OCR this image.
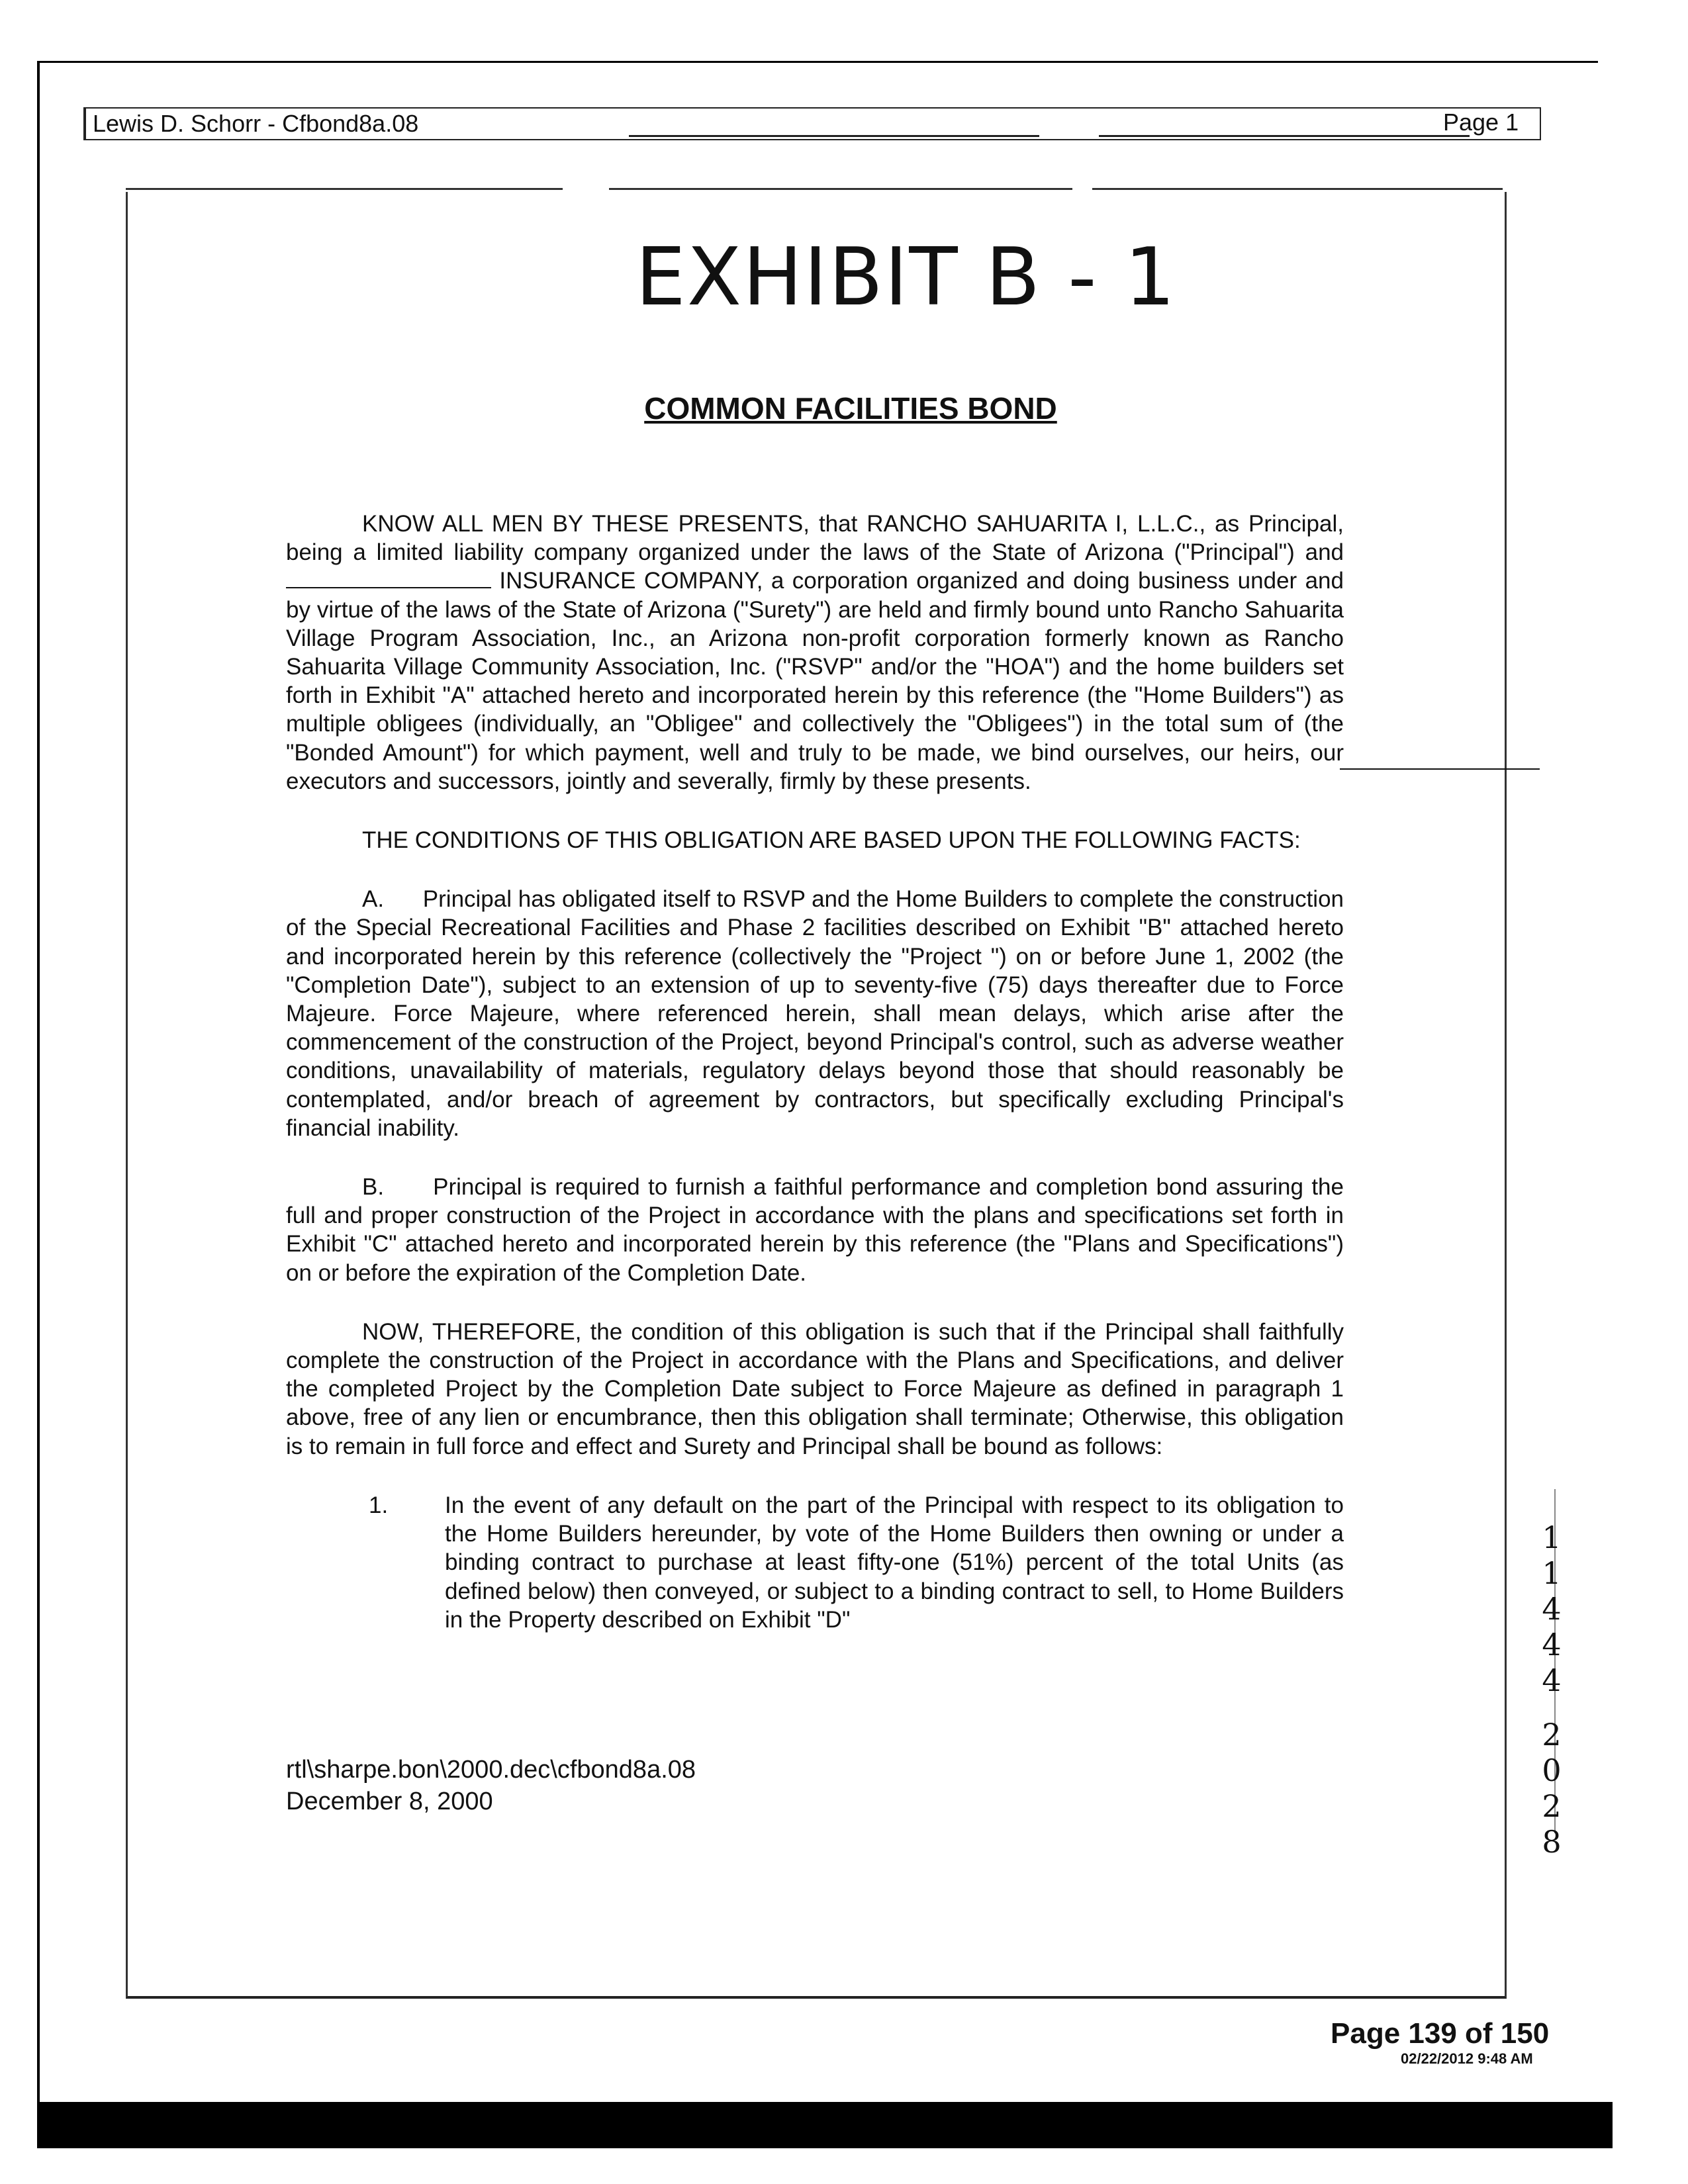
Lewis D. Schorr - Cfbond8a.08	Page 1
EXHIBIT B - 1
COMMON FACILITIES BOND

KNOW ALL MEN BY THESE PRESENTS, that RANCHO SAHUARITA I, L.L.C., as Principal, being a limited liability company organized under the laws of the State of Arizona ("Principal") and  INSURANCE COMPANY, a corporation organized and doing business under and by virtue of the laws of the State of Arizona ("Surety") are held and firmly bound unto Rancho Sahuarita Village Program Association, Inc., an Arizona non-profit corporation formerly known as Rancho Sahuarita Village Community Association, Inc. ("RSVP" and/or the "HOA") and the home builders set forth in Exhibit "A" attached hereto and incorporated herein by this reference (the "Home Builders") as multiple obligees (individually, an "Obligee" and collectively the "Obligees") in the total sum of (the "Bonded Amount") for which payment, well and truly to be made, we bind ourselves, our heirs, our executors and successors, jointly and severally, firmly by these presents.

THE CONDITIONS OF THIS OBLIGATION ARE BASED UPON THE FOLLOWING FACTS:

A.      Principal has obligated itself to RSVP and the Home Builders to complete the construction of the Special Recreational Facilities and Phase 2 facilities described on Exhibit "B" attached hereto and incorporated herein by this reference (collectively the "Project ") on or before June 1, 2002 (the "Completion Date"), subject to an extension of up to seventy-five (75) days thereafter due to Force Majeure. Force Majeure, where referenced herein, shall mean delays, which arise after the commencement of the construction of the Project, beyond Principal's control, such as adverse weather conditions, unavailability of materials, regulatory delays beyond those that should reasonably be contemplated, and/or breach of agreement by contractors, but specifically excluding Principal's financial inability.

B.      Principal is required to furnish a faithful performance and completion bond assuring the full and proper construction of the Project in accordance with the plans and specifications set forth in Exhibit "C" attached hereto and incorporated herein by this reference (the "Plans and Specifications") on or before the expiration of the Completion Date.

NOW, THEREFORE, the condition of this obligation is such that if the Principal shall faithfully complete the construction of the Project in accordance with the Plans and Specifications, and deliver the completed Project by the Completion Date subject to Force Majeure as defined in paragraph 1 above, free of any lien or encumbrance, then this obligation shall terminate; Otherwise, this obligation is to remain in full force and effect and Surety and Principal shall be bound as follows:

1.	In the event of any default on the part of the Principal with respect to its obligation to the Home Builders hereunder, by vote of the Home Builders then owning or under a binding contract to purchase at least fifty-one (51%) percent of the total Units (as defined below) then conveyed, or subject to a binding contract to sell, to Home Builders in the Property described on Exhibit "D"
rtl\sharpe.bon\2000.dec\cfbond8a.08
December 8, 2000
1
1
4
4
4
2
0
2
8
Page 139 of 150
02/22/2012 9:48 AM
